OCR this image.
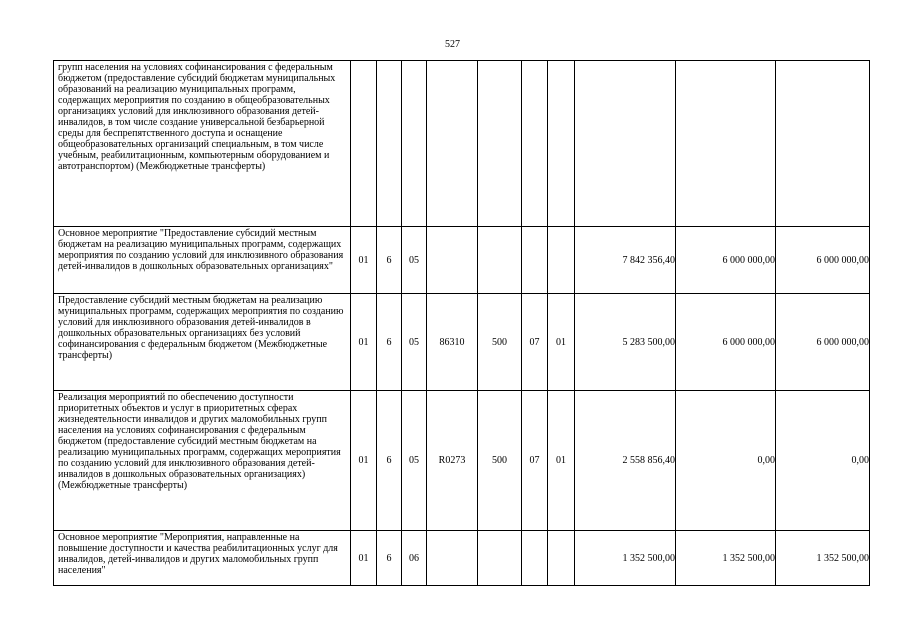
527
групп населения на условиях софинансирования с федеральным бюджетом (предоставление субсидий бюджетам муниципальных образований на реализацию муниципальных программ, содержащих мероприятия по созданию в общеобразовательных организациях условий для инклюзивного образования детей-инвалидов, в том числе создание универсальной безбарьерной среды для беспрепятственного доступа и оснащение общеобразовательных организаций специальным, в том числе учебным, реабилитационным, компьютерным оборудованием и автотранспортом) (Межбюджетные трансферты)										
Основное мероприятие "Предоставление субсидий местным бюджетам на реализацию муниципальных программ, содержащих мероприятия по созданию условий для инклюзивного образования детей-инвалидов в дошкольных образовательных организациях"	01	6	05					7 842 356,40	6 000 000,00	6 000 000,00
Предоставление субсидий местным бюджетам на реализацию муниципальных программ, содержащих мероприятия по созданию условий для инклюзивного образования детей-инвалидов в дошкольных образовательных организациях без условий софинансирования с федеральным бюджетом (Межбюджетные трансферты)	01	6	05	86310	500	07	01	5 283 500,00	6 000 000,00	6 000 000,00
Реализация мероприятий по обеспечению доступности приоритетных объектов и услуг в приоритетных сферах жизнедеятельности инвалидов и других маломобильных групп населения на условиях софинансирования с федеральным бюджетом (предоставление субсидий местным бюджетам на реализацию муниципальных программ, содержащих мероприятия по созданию условий для инклюзивного образования детей-инвалидов в дошкольных образовательных организациях) (Межбюджетные трансферты)	01	6	05	R0273	500	07	01	2 558 856,40	0,00	0,00
Основное мероприятие "Мероприятия, направленные на повышение доступности и качества реабилитационных услуг для инвалидов, детей-инвалидов и других маломобильных групп населения"	01	6	06					1 352 500,00	1 352 500,00	1 352 500,00
